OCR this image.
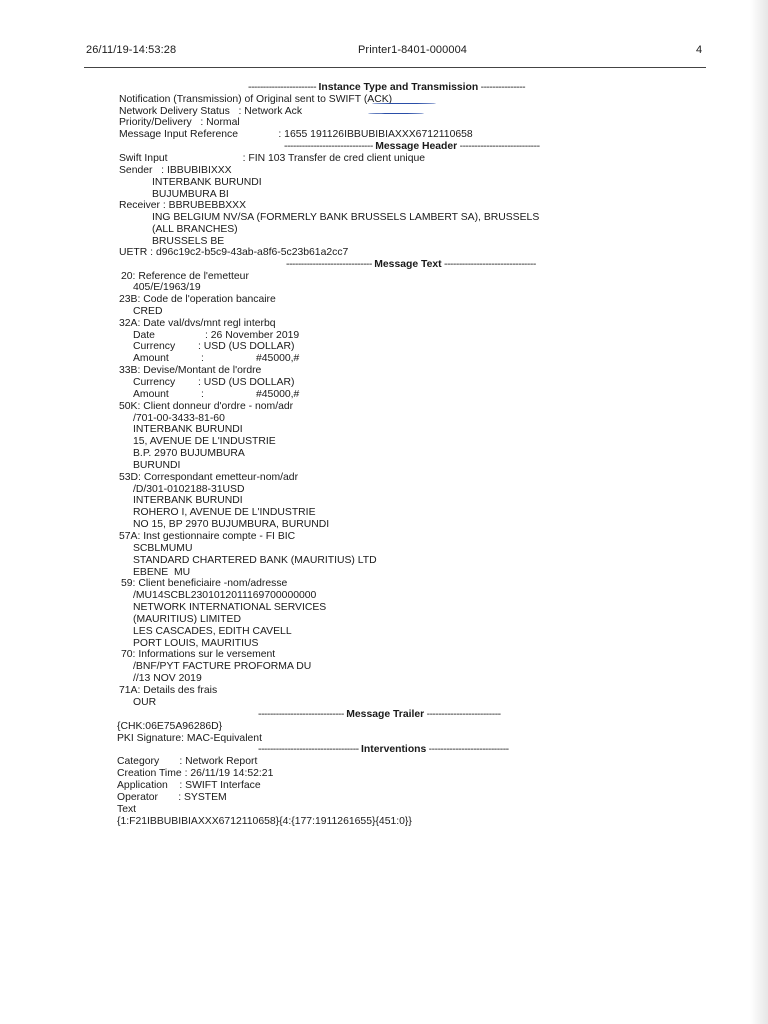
26/11/19-14:53:28	Printer1-8401-000004	4
----------------------- Instance Type and Transmission ---------------
Notification (Transmission) of Original sent to SWIFT (ACK)
Network Delivery Status   : Network Ack
Priority/Delivery   : Normal
Message Input Reference              : 1655 191126IBBUBIBIAXXX6712110658
------------------------------ Message Header ---------------------------
Swift Input                          : FIN 103 Transfer de cred client unique
Sender   : IBBUBIBIXXX
INTERBANK BURUNDI
BUJUMBURA BI
Receiver : BBRUBEBBXXX
ING BELGIUM NV/SA (FORMERLY BANK BRUSSELS LAMBERT SA), BRUSSELS
(ALL BRANCHES)
BRUSSELS BE
UETR : d96c19c2-b5c9-43ab-a8f6-5c23b61a2cc7
----------------------------- Message Text -------------------------------
20: Reference de l'emetteur
405/E/1963/19
23B: Code de l'operation bancaire
CRED
32A: Date val/dvs/mnt regl interbq
Date	: 26 November 2019
Currency : USD (US DOLLAR)
Amount	:	#45000,#
33B: Devise/Montant de l'ordre
Currency : USD (US DOLLAR)
Amount	:	#45000,#
50K: Client donneur d'ordre - nom/adr
/701-00-3433-81-60
INTERBANK BURUNDI
15, AVENUE DE L'INDUSTRIE
B.P. 2970 BUJUMBURA
BURUNDI
53D: Correspondant emetteur-nom/adr
/D/301-0102188-31USD
INTERBANK BURUNDI
ROHERO I, AVENUE DE L'INDUSTRIE
NO 15, BP 2970 BUJUMBURA, BURUNDI
57A: Inst gestionnaire compte - FI BIC
SCBLMUMU
STANDARD CHARTERED BANK (MAURITIUS) LTD
EBENE  MU
59: Client beneficiaire -nom/adresse
/MU14SCBL2301012011169700000000
NETWORK INTERNATIONAL SERVICES
(MAURITIUS) LIMITED
LES CASCADES, EDITH CAVELL
PORT LOUIS, MAURITIUS
70: Informations sur le versement
/BNF/PYT FACTURE PROFORMA DU
//13 NOV 2019
71A: Details des frais
OUR
----------------------------- Message Trailer -------------------------
{CHK:06E75A96286D}
PKI Signature: MAC-Equivalent
---------------------------------- Interventions ---------------------------
Category       : Network Report
Creation Time : 26/11/19 14:52:21
Application    : SWIFT Interface
Operator       : SYSTEM
Text
{1:F21IBBUBIBIAXXX6712110658}{4:{177:1911261655}{451:0}}
